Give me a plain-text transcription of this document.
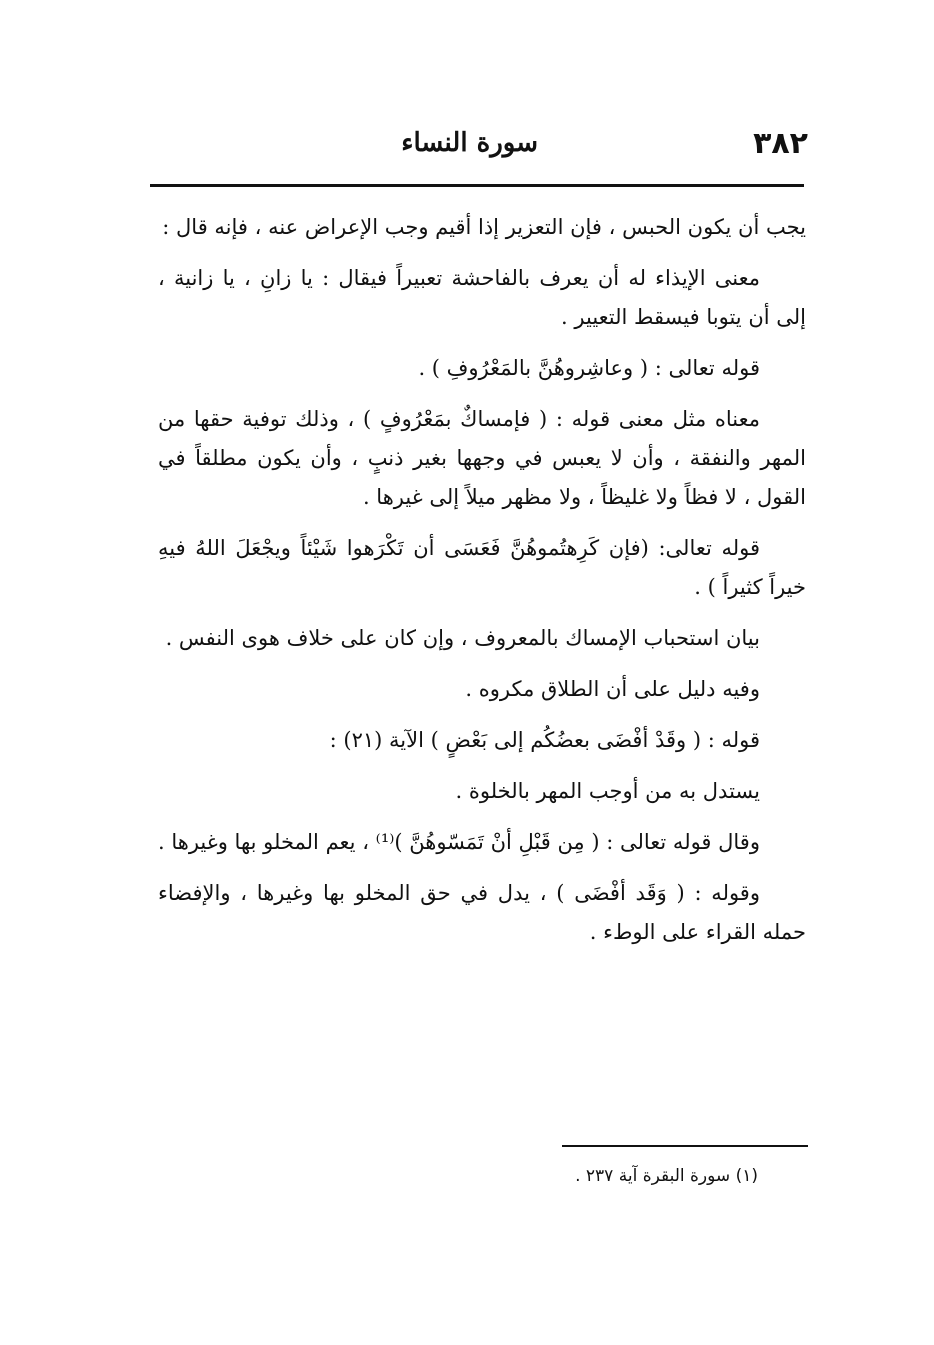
٣٨٢
سورة النساء

يجب أن يكون الحبس ، فإن التعزير إذا أقيم وجب الإعراض عنه ، فإنه قال :

معنى الإيذاء له أن يعرف بالفاحشة تعبيراً فيقال : يا زانِ ، يا زانية ، إلى أن يتوبا فيسقط التعيير .

قوله تعالى : ( وعاشِروهُنَّ بالمَعْرُوفِ ) .

معناه مثل معنى قوله : ( فإمساكٌ بمَعْرُوفٍ ) ، وذلك توفية حقها من المهر والنفقة ، وأن لا يعبس في وجهها بغير ذنبٍ ، وأن يكون مطلقاً في القول ، لا فظاً ولا غليظاً ، ولا مظهر ميلاً إلى غيرها .

قوله تعالى: (فإن كَرِهتُموهُنَّ فَعَسَى أن تَكْرَهوا شَيْئاً ويجْعَلَ اللهُ فيهِ خيراً كثيراً ) .

بيان استحباب الإمساك بالمعروف ، وإن كان على خلاف هوى النفس .

وفيه دليل على أن الطلاق مكروه .

قوله : ( وقَدْ أفْضَى بعضُكُم إلى بَعْضٍ ) الآية (٢١) :

يستدل به من أوجب المهر بالخلوة .

وقال قوله تعالى : ( مِن قَبْلِ أنْ تَمَسّوهُنَّ )⁽¹⁾ ، يعم المخلو بها وغيرها .

وقوله : ( وَقَد أفْضَى ) ، يدل في حق المخلو بها وغيرها ، والإفضاء حمله القراء على الوطء .

(١) سورة البقرة آية ٢٣٧ .
